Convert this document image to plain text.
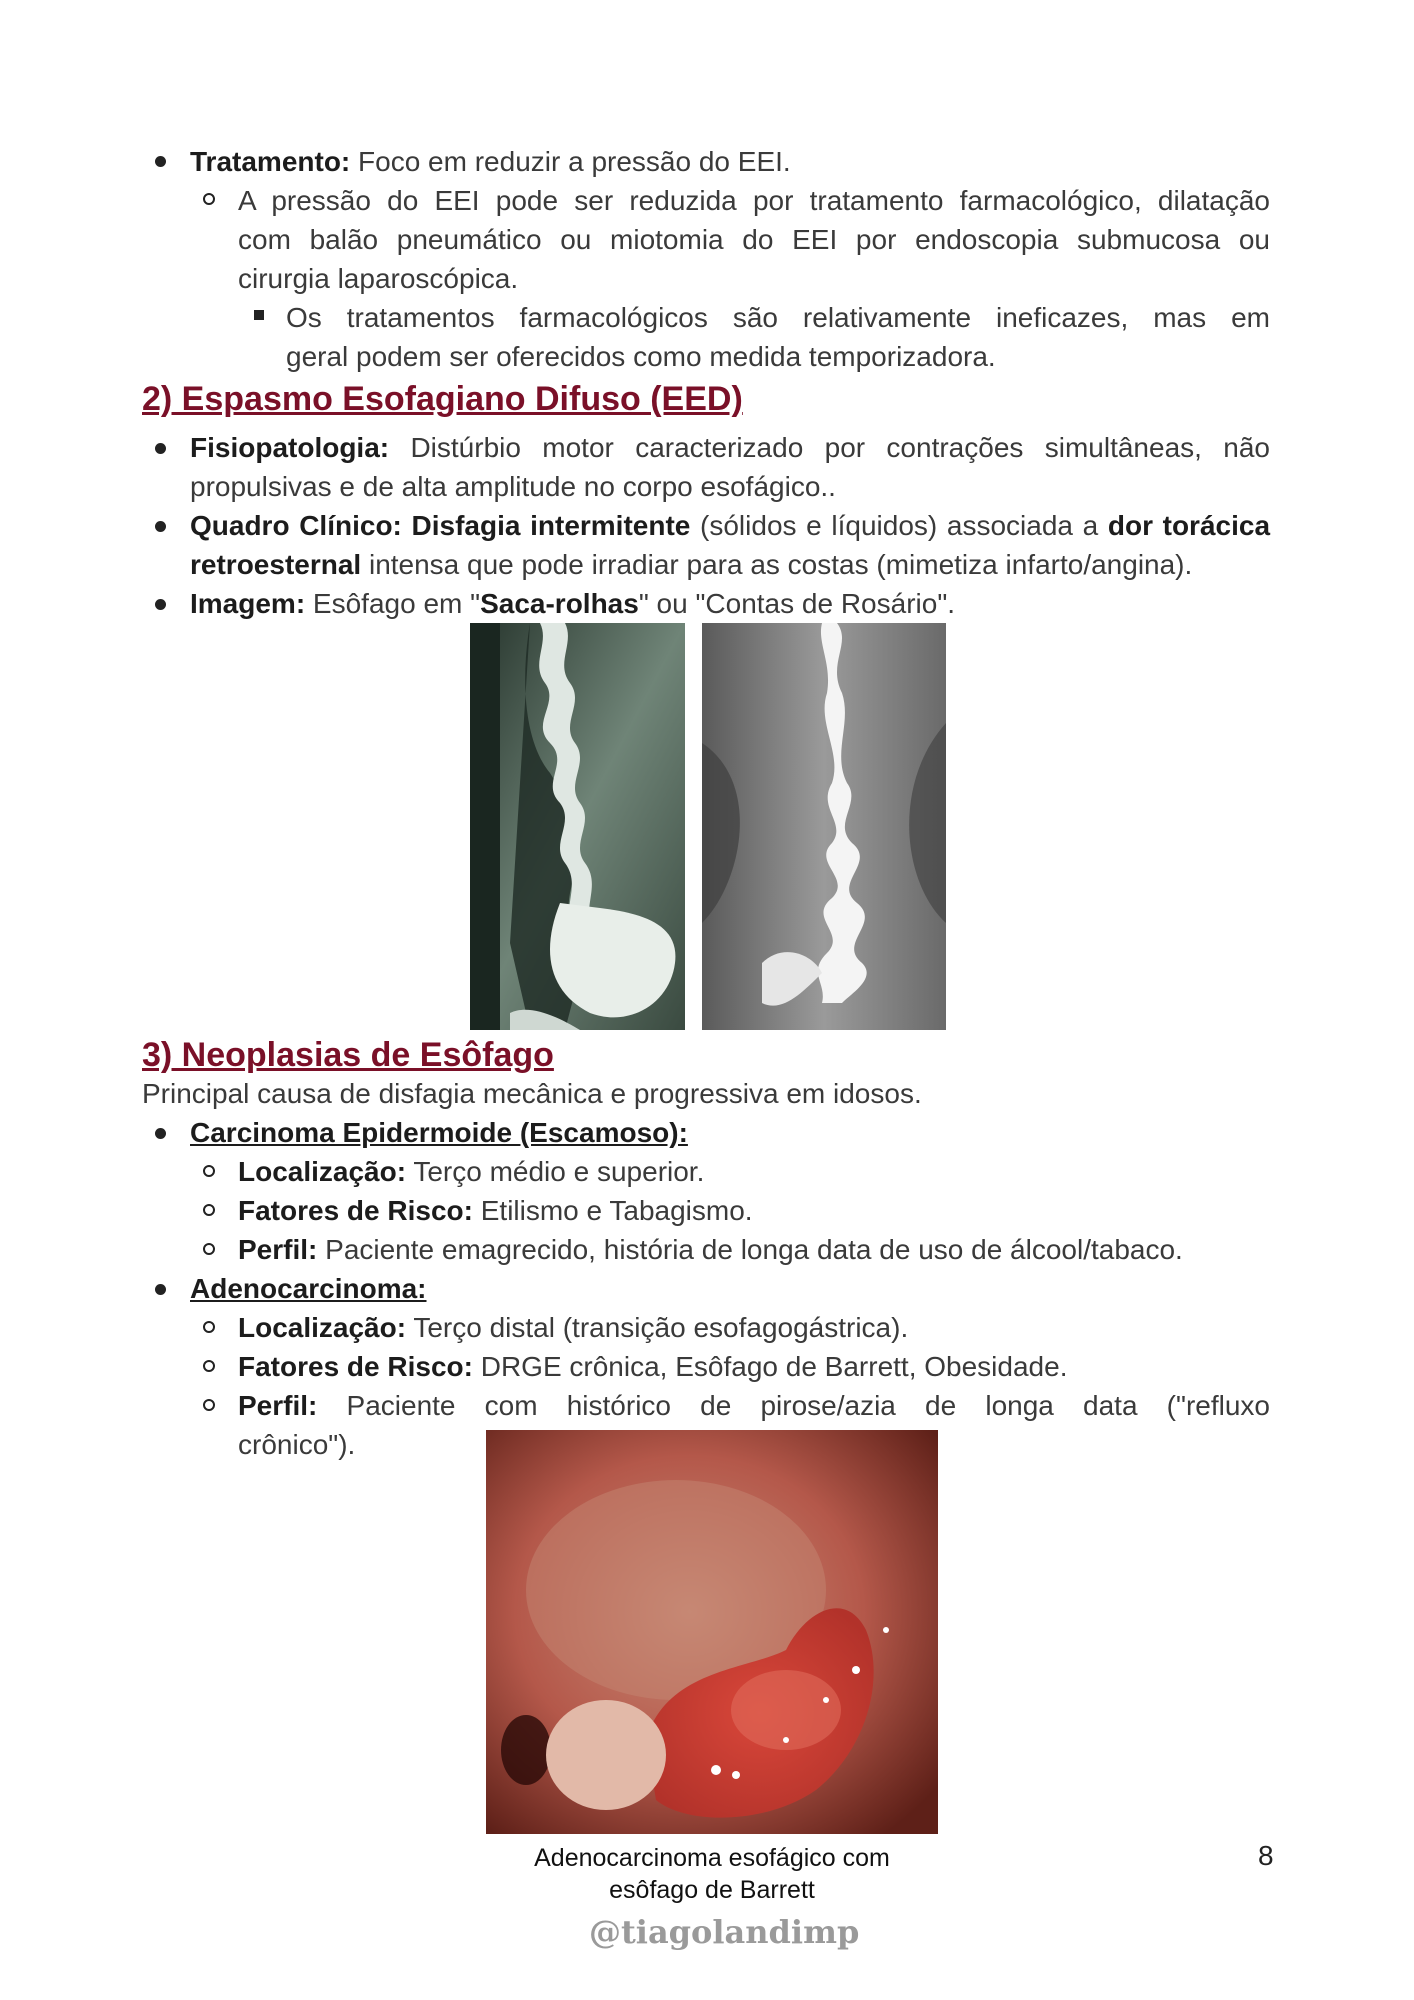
Tratamento: Foco em reduzir a pressão do EEI.
A pressão do EEI pode ser reduzida por tratamento farmacológico, dilatação
com balão pneumático ou miotomia do EEI por endoscopia submucosa ou
cirurgia laparoscópica.
Os tratamentos farmacológicos são relativamente ineficazes, mas em
geral podem ser oferecidos como medida temporizadora.
2) Espasmo Esofagiano Difuso (EED)
Fisiopatologia: Distúrbio motor caracterizado por contrações simultâneas, não
propulsivas e de alta amplitude no corpo esofágico..
Quadro Clínico: Disfagia intermitente (sólidos e líquidos) associada a dor torácica
retroesternal intensa que pode irradiar para as costas (mimetiza infarto/angina).
Imagem: Esôfago em "Saca-rolhas" ou "Contas de Rosário".
3) Neoplasias de Esôfago
Principal causa de disfagia mecânica e progressiva em idosos.
Carcinoma Epidermoide (Escamoso):
Localização: Terço médio e superior.
Fatores de Risco: Etilismo e Tabagismo.
Perfil: Paciente emagrecido, história de longa data de uso de álcool/tabaco.
Adenocarcinoma:
Localização: Terço distal (transição esofagogástrica).
Fatores de Risco: DRGE crônica, Esôfago de Barrett, Obesidade.
Perfil: Paciente com histórico de pirose/azia de longa data ("refluxo
crônico").
Adenocarcinoma esofágico com
esôfago de Barrett
@tiagolandimp
8
